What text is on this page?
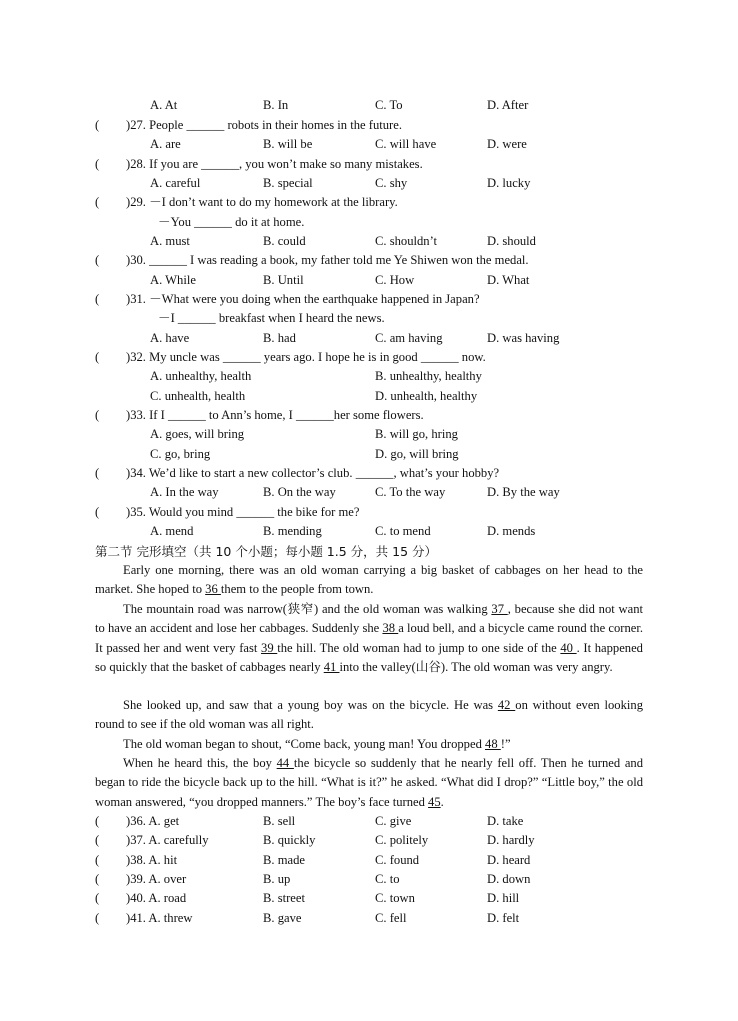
A. At	B. In	C. To	D. After
( )27. People ______ robots in their homes in the future.
A. are	B. will be	C. will have	D. were
( )28. If you are ______, you won’t make so many mistakes.
A. careful	B. special	C. shy	D. lucky
( )29. －I don’t want to do my homework at the library.
－You ______ do it at home.
A. must	B. could	C. shouldn’t	D. should
( )30. ______ I was reading a book, my father told me Ye Shiwen won the medal.
A. While	B. Until	C. How	D. What
( )31. －What were you doing when the earthquake happened in Japan?
－I ______ breakfast when I heard the news.
A. have	B. had	C. am having	D. was having
( )32. My uncle was ______ years ago. I hope he is in good ______ now.
A. unhealthy, health	B. unhealthy, healthy
C. unhealth, health	D. unhealth, healthy
( )33. If I ______ to Ann’s home, I ______her some flowers.
A. goes, will bring	B. will go, hring
C. go, bring	D. go, will bring
( )34. We’d like to start a new collector’s club. ______, what’s your hobby?
A. In the way	B. On the way	C. To the way	D. By the way
( )35. Would you mind ______ the bike for me?
A. mend	B. mending	C. to mend	D. mends
第二节 完形填空（共 10 个小题；每小题 1.5 分，共 15 分）
Early one morning, there was an old woman carrying a big basket of cabbages on her head to the market. She hoped to 36 them to the people from town.
The mountain road was narrow(狭窄) and the old woman was walking 37 , because she did not want to have an accident and lose her cabbages. Suddenly she 38 a loud bell, and a bicycle came round the corner. It passed her and went very fast 39 the hill. The old woman had to jump to one side of the 40 . It happened so quickly that the basket of cabbages nearly 41 into the valley(山谷). The old woman was very angry.
She looked up, and saw that a young boy was on the bicycle. He was 42 on without even looking round to see if the old woman was all right.
The old woman began to shout, “Come back, young man! You dropped 48 !”
When he heard this, the boy 44 the bicycle so suddenly that he nearly fell off. Then he turned and began to ride the bicycle back up to the hill. “What is it?” he asked. “What did I drop?” “Little boy,” the old woman answered, “you dropped manners.” The boy’s face turned 45.
( )36. A. get	B. sell	C. give	D. take
( )37. A. carefully	B. quickly	C. politely	D. hardly
( )38. A. hit	B. made	C. found	D. heard
( )39. A. over	B. up	C. to	D. down
( )40. A. road	B. street	C. town	D. hill
( )41. A. threw	B. gave	C. fell	D. felt
